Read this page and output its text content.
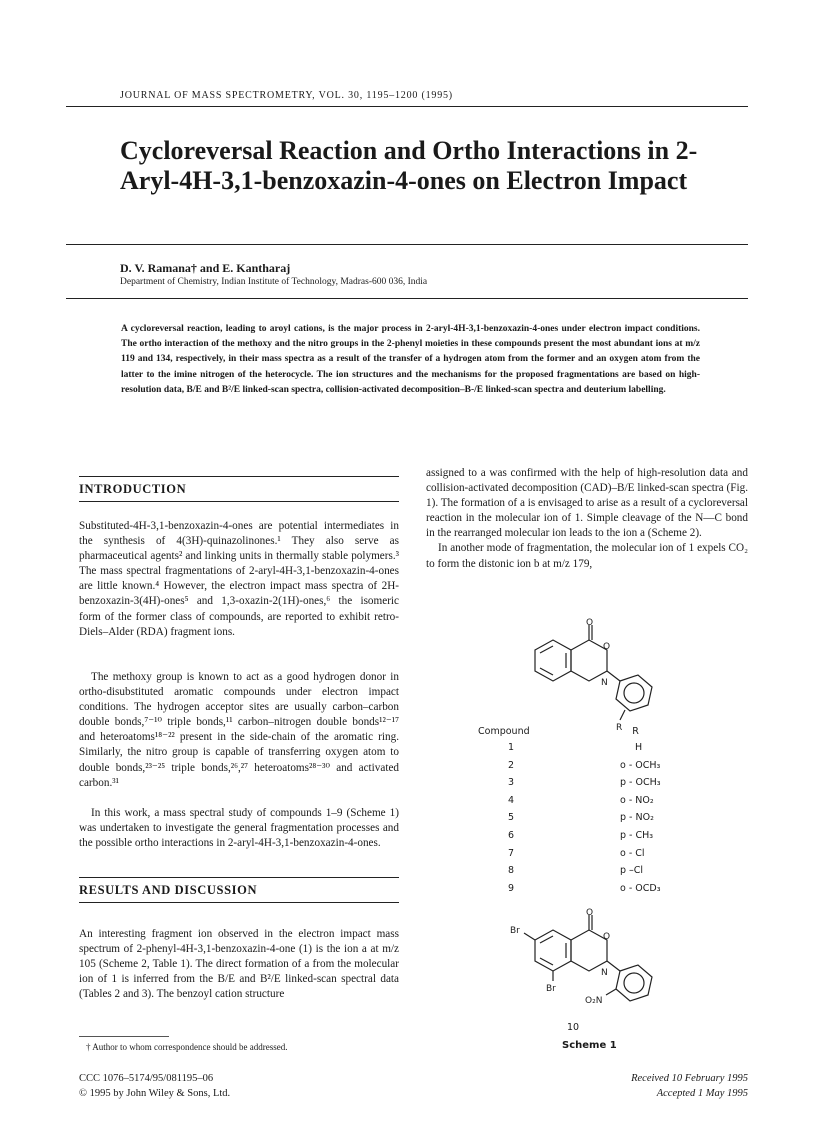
JOURNAL OF MASS SPECTROMETRY, VOL. 30, 1195–1200 (1995)
Cycloreversal Reaction and Ortho Interactions in 2-Aryl-4H-3,1-benzoxazin-4-ones on Electron Impact
D. V. Ramana† and E. Kantharaj
Department of Chemistry, Indian Institute of Technology, Madras-600 036, India

A cycloreversal reaction, leading to aroyl cations, is the major process in 2-aryl-4H-3,1-benzoxazin-4-ones under electron impact conditions. The ortho interaction of the methoxy and the nitro groups in the 2-phenyl moieties in these compounds present the most abundant ions at m/z 119 and 134, respectively, in their mass spectra as a result of the transfer of a hydrogen atom from the former and an oxygen atom from the latter to the imine nitrogen of the heterocycle. The ion structures and the mechanisms for the proposed fragmentations are based on high-resolution data, B/E and B²/E linked-scan spectra, collision-activated decomposition–B-/E linked-scan spectra and deuterium labelling.

INTRODUCTION

Substituted-4H-3,1-benzoxazin-4-ones are potential intermediates in the synthesis of 4(3H)-quinazolinones.¹ They also serve as pharmaceutical agents² and linking units in thermally stable polymers.³ The mass spectral fragmentations of 2-aryl-4H-3,1-benzoxazin-4-ones are little known.⁴ However, the electron impact mass spectra of 2H-benzoxazin-3(4H)-ones⁵ and 1,3-oxazin-2(1H)-ones,⁶ the isomeric form of the former class of compounds, are reported to exhibit retro-Diels–Alder (RDA) fragment ions.

The methoxy group is known to act as a good hydrogen donor in ortho-disubstituted aromatic compounds under electron impact conditions. The hydrogen acceptor sites are usually carbon–carbon double bonds,⁷⁻¹⁰ triple bonds,¹¹ carbon–nitrogen double bonds¹²⁻¹⁷ and heteroatoms¹⁸⁻²² present in the side-chain of the aromatic ring. Similarly, the nitro group is capable of transferring oxygen atom to double bonds,²³⁻²⁵ triple bonds,²⁶,²⁷ heteroatoms²⁸⁻³⁰ and activated carbon.³¹

In this work, a mass spectral study of compounds 1–9 (Scheme 1) was undertaken to investigate the general fragmentation processes and the possible ortho interactions in 2-aryl-4H-3,1-benzoxazin-4-ones.

RESULTS AND DISCUSSION

An interesting fragment ion observed in the electron impact mass spectrum of 2-phenyl-4H-3,1-benzoxazin-4-one (1) is the ion a at m/z 105 (Scheme 2, Table 1). The direct formation of a from the molecular ion of 1 is inferred from the B/E and B²/E linked-scan spectral data (Tables 2 and 3). The benzoyl cation structure

assigned to a was confirmed with the help of high-resolution data and collision-activated decomposition (CAD)–B/E linked-scan spectra (Fig. 1). The formation of a is envisaged to arise as a result of a cycloreversal reaction in the molecular ion of 1. Simple cleavage of the N—C bond in the rearranged molecular ion leads to the ion a (Scheme 2).
In another mode of fragmentation, the molecular ion of 1 expels CO₂ to form the distonic ion b at m/z 179,
O
O
N
R
O
O
N
Br
Br
O₂N
Compound	R
1	H
2	o - OCH₃
3	p - OCH₃
4	o - NO₂
5	p - NO₂
6	p - CH₃
7	o - Cl
8	p –Cl
9	o - OCD₃
10
Scheme 1
† Author to whom correspondence should be addressed.
CCC 1076–5174/95/081195–06
© 1995 by John Wiley & Sons, Ltd.
Received 10 February 1995
Accepted 1 May 1995
